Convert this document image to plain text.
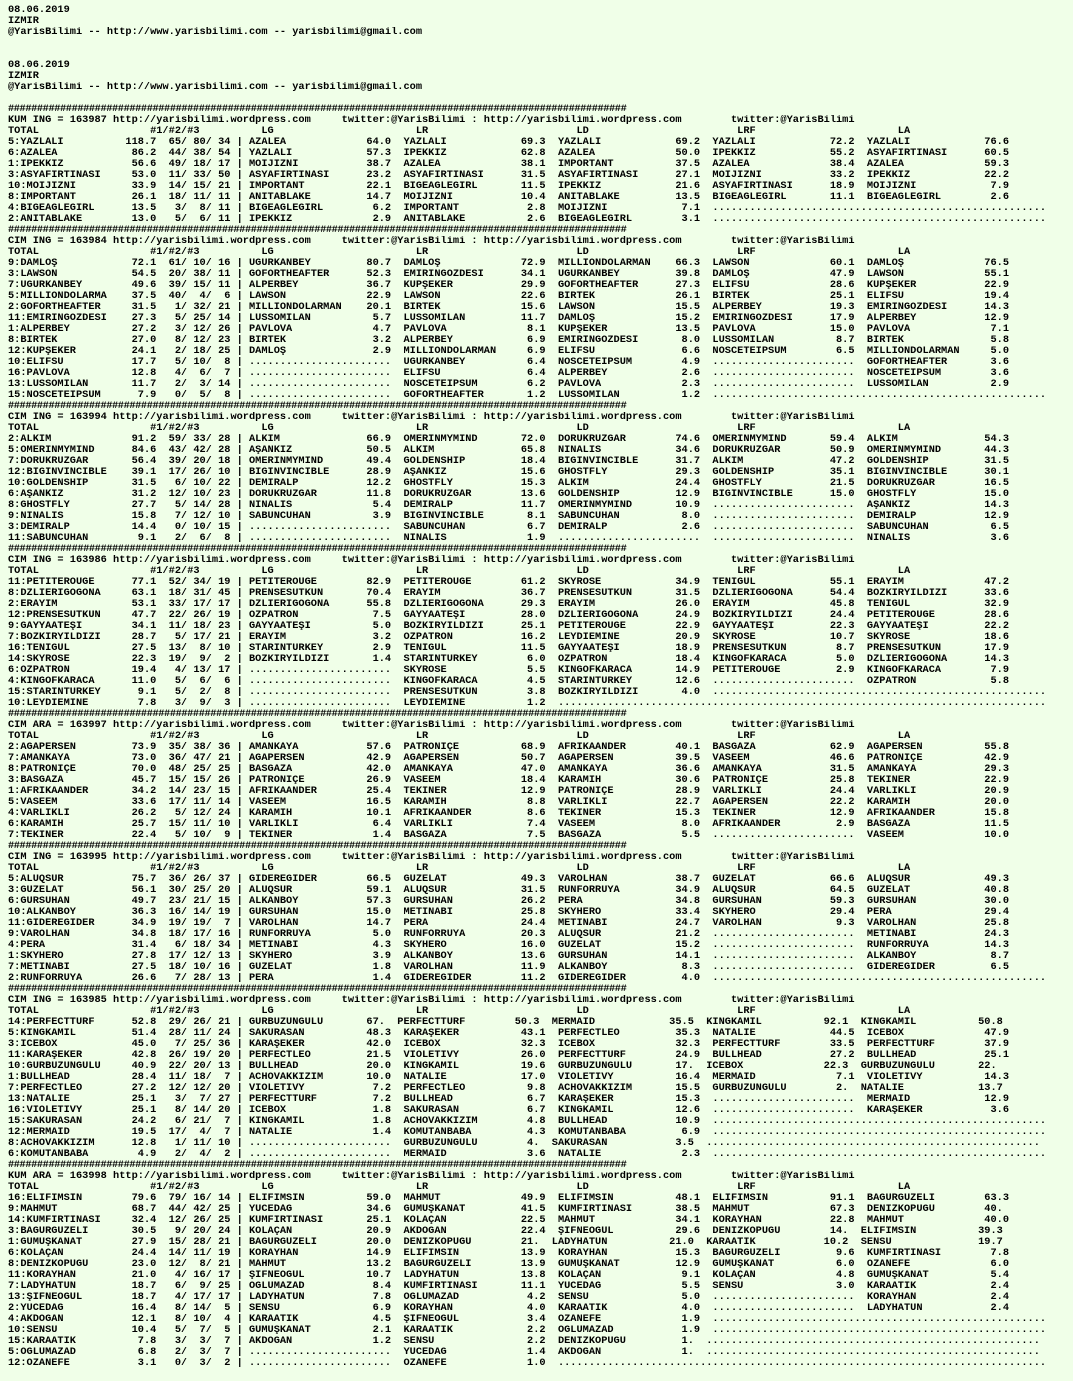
08.06.2019
IZMIR
@YarisBilimi -- http://www.yarisbilimi.com -- yarisbilimi@gmail.com
08.06.2019
IZMIR
@YarisBilimi -- http://www.yarisbilimi.com -- yarisbilimi@gmail.com
###########################################################################################################
KUM ING = 163987 http://yarisbilimi.wordpress.com     twitter:@YarisBilimi : http://yarisbilimi.wordpress.com        twitter:@YarisBilimi
TOTAL                  #1/#2/#3          LG                       LR                        LD                        LRF                       LA
5:YAZLALI          118.7  65/ 80/ 34 | AZALEA             64.0  YAZLALI            69.3  YAZLALI            69.2  YAZLALI            72.2  YAZLALI            76.6
6:AZALEA            86.2  44/ 38/ 54 | YAZLALI            57.3  IPEKKIZ            62.8  AZALEA             50.0  IPEKKIZ            55.2  ASYAFIRTINASI      60.5
1:IPEKKIZ           56.6  49/ 18/ 17 | MOIJIZNI           38.7  AZALEA             38.1  IMPORTANT          37.5  AZALEA             38.4  AZALEA             59.3
3:ASYAFIRTINASI     53.0  11/ 33/ 50 | ASYAFIRTINASI      23.2  ASYAFIRTINASI      31.5  ASYAFIRTINASI      27.1  MOIJIZNI           33.2  IPEKKIZ            22.2
10:MOIJIZNI         33.9  14/ 15/ 21 | IMPORTANT          22.1  BIGEAGLEGIRL       11.5  IPEKKIZ            21.6  ASYAFIRTINASI      18.9  MOIJIZNI            7.9
8:IMPORTANT         26.1  18/ 11/ 11 | ANITABLAKE         14.7  MOIJIZNI           10.4  ANITABLAKE         13.5  BIGEAGLEGIRL       11.1  BIGEAGLEGIRL        2.6
4:BIGEAGLEGIRL      13.5   3/  8/ 11 | BIGEAGLEGIRL        6.2  IMPORTANT           2.8  MOIJIZNI            7.1  ......................................................
2:ANITABLAKE        13.0   5/  6/ 11 | IPEKKIZ             2.9  ANITABLAKE          2.6  BIGEAGLEGIRL        3.1  ......................................................
###########################################################################################################
CIM ING = 163984 http://yarisbilimi.wordpress.com     twitter:@YarisBilimi : http://yarisbilimi.wordpress.com        twitter:@YarisBilimi
TOTAL                  #1/#2/#3          LG                       LR                        LD                        LRF                       LA
9:DAMLOŞ            72.1  61/ 10/ 16 | UGURKANBEY         80.7  DAMLOŞ             72.9  MILLIONDOLARMAN    66.3  LAWSON             60.1  DAMLOŞ             76.5
3:LAWSON            54.5  20/ 38/ 11 | GOFORTHEAFTER      52.3  EMİRİNGÖZDESİ      34.1  UGURKANBEY         39.8  DAMLOŞ             47.9  LAWSON             55.1
7:UGURKANBEY        49.6  39/ 15/ 11 | ALPERBEY           36.7  KUPŞEKER           29.9  GOFORTHEAFTER      27.3  ELİFSU             28.6  KUPŞEKER           22.9
5:MILLIONDOLARMA    37.5  40/  4/  6 | LAWSON             22.9  LAWSON             22.6  BİRTEK             26.1  BİRTEK             25.1  ELİFSU             19.4
2:GOFORTHEAFTER     31.5   1/ 32/ 21 | MILLIONDOLARMAN    20.1  BİRTEK             15.6  LAWSON             15.5  ALPERBEY           19.3  EMİRİNGÖZDESİ      14.3
11:EMİRİNGÖZDESİ    27.3   5/ 25/ 14 | LUSSOMILAN          5.7  LUSSOMILAN         11.7  DAMLOŞ             15.2  EMİRİNGÖZDESİ      17.9  ALPERBEY           12.9
1:ALPERBEY          27.2   3/ 12/ 26 | PAVLOVA             4.7  PAVLOVA             8.1  KUPŞEKER           13.5  PAVLOVA            15.0  PAVLOVA             7.1
8:BİRTEK            27.0   8/ 12/ 23 | BİRTEK              3.2  ALPERBEY            6.9  EMİRİNGÖZDESİ       8.0  LUSSOMILAN          8.7  BİRTEK              5.8
12:KUPŞEKER         24.1   2/ 18/ 25 | DAMLOŞ              2.9  MILLIONDOLARMAN     6.9  ELİFSU              6.6  NOSCETEIPSUM        6.5  MILLIONDOLARMAN     5.0
10:ELİFSU           17.7   5/ 10/  8 | .......................  UGURKANBEY          6.4  NOSCETEIPSUM        4.9  .......................  GOFORTHEAFTER       3.6
16:PAVLOVA          12.8   4/  6/  7 | .......................  ELİFSU              6.4  ALPERBEY            2.6  .......................  NOSCETEIPSUM        3.6
13:LUSSOMILAN       11.7   2/  3/ 14 | .......................  NOSCETEIPSUM        6.2  PAVLOVA             2.3  .......................  LUSSOMILAN          2.9
15:NOSCETEIPSUM      7.9   0/  5/  8 | .......................  GOFORTHEAFTER       1.2  LUSSOMILAN          1.2  ......................................................
###########################################################################################################
CIM ING = 163994 http://yarisbilimi.wordpress.com     twitter:@YarisBilimi : http://yarisbilimi.wordpress.com        twitter:@YarisBilimi
TOTAL                  #1/#2/#3          LG                       LR                        LD                        LRF                       LA
2:ALKIM             91.2  59/ 33/ 28 | ALKIM              66.9  ÖMERINMYMIND       72.0  DORUKRÜZGAR        74.6  ÖMERINMYMIND       59.4  ALKIM              54.3
5:ÖMERINMYMIND      84.6  43/ 42/ 28 | AŞANKIZ            50.5  ALKIM              65.8  NINALIS            34.6  DORUKRÜZGAR        50.9  ÖMERINMYMIND       44.3
7:DORUKRÜZGAR       56.4  39/ 20/ 18 | ÖMERINMYMIND       49.4  GOLDENSHIP         18.4  BIGINVINCIBLE      31.7  ALKIM              47.2  GOLDENSHIP         31.5
12:BIGINVINCIBLE    39.1  17/ 26/ 10 | BIGINVINCIBLE      28.9  AŞANKIZ            15.6  GHOSTFLY           29.3  GOLDENSHIP         35.1  BIGINVINCIBLE      30.1
10:GOLDENSHIP       31.5   6/ 10/ 22 | DEMİRALP           12.2  GHOSTFLY           15.3  ALKIM              24.4  GHOSTFLY           21.5  DORUKRÜZGAR        16.5
6:AŞANKIZ           31.2  12/ 10/ 23 | DORUKRÜZGAR        11.8  DORUKRÜZGAR        13.6  GOLDENSHIP         12.9  BIGINVINCIBLE      15.0  GHOSTFLY           15.0
8:GHOSTFLY          27.7   5/ 14/ 28 | NINALIS             5.4  DEMİRALP           11.7  ÖMERINMYMIND       10.9  .......................  AŞANKIZ            14.3
9:NINALIS           15.8   7/ 12/ 10 | SABUNCUHAN          3.9  BIGINVINCIBLE       8.1  SABUNCUHAN          8.0  .......................  DEMİRALP           12.9
3:DEMİRALP          14.4   0/ 10/ 15 | .......................  SABUNCUHAN          6.7  DEMİRALP            2.6  .......................  SABUNCUHAN          6.5
11:SABUNCUHAN        9.1   2/  6/  8 | .......................  NINALIS             1.9  .......................  .......................  NINALIS             3.6
###########################################################################################################
CIM ING = 163986 http://yarisbilimi.wordpress.com     twitter:@YarisBilimi : http://yarisbilimi.wordpress.com        twitter:@YarisBilimi
TOTAL                  #1/#2/#3          LG                       LR                        LD                        LRF                       LA
11:PETITEROUGE      77.1  52/ 34/ 19 | PETITEROUGE        82.9  PETITEROUGE        61.2  SKYROSE            34.9  TENİGÜL            55.1  ERAYIM             47.2
8:DZLIERIGOGONA     63.1  18/ 31/ 45 | PRENSESUTKUN       70.4  ERAYIM             36.7  PRENSESUTKUN       31.5  DZLIERIGOGONA      54.4  BOZKIRYILDIZI      33.6
2:ERAYIM            53.1  33/ 17/ 17 | DZLIERIGOGONA      55.8  DZLIERIGOGONA      29.3  ERAYIM             26.0  ERAYIM             45.8  TENİGÜL            32.9
12:PRENSESUTKUN     47.7  22/ 26/ 19 | ÖZPATRON            7.5  GAYYAATEŞİ         28.0  DZLIERIGOGONA      24.9  BOZKIRYILDIZI      24.4  PETITEROUGE        28.6
9:GAYYAATEŞİ        34.1  11/ 18/ 23 | GAYYAATEŞİ          5.0  BOZKIRYILDIZI      25.1  PETITEROUGE        22.9  GAYYAATEŞİ         22.3  GAYYAATEŞİ         22.2
7:BOZKIRYILDIZI     28.7   5/ 17/ 21 | ERAYIM              3.2  ÖZPATRON           16.2  LEYDİEMİNE         20.9  SKYROSE            10.7  SKYROSE            18.6
16:TENİGÜL          27.5  13/  8/ 10 | STARINTURKEY        2.9  TENİGÜL            11.5  GAYYAATEŞİ         18.9  PRENSESUTKUN        8.7  PRENSESUTKUN       17.9
14:SKYROSE          22.3  19/  9/  2 | BOZKIRYILDIZI       1.4  STARINTURKEY        6.0  ÖZPATRON           18.4  KINGOFKARACA        5.0  DZLIERIGOGONA      14.3
6:ÖZPATRON          19.4   4/ 13/ 17 | .......................  SKYROSE             5.5  KINGOFKARACA       14.9  PETITEROUGE         2.9  KINGOFKARACA        7.9
4:KINGOFKARACA      11.0   5/  6/  6 | .......................  KINGOFKARACA        4.5  STARINTURKEY       12.6  .......................  ÖZPATRON            5.8
15:STARINTURKEY      9.1   5/  2/  8 | .......................  PRENSESUTKUN        3.8  BOZKIRYILDIZI       4.0  ......................................................
10:LEYDİEMİNE        7.8   3/  9/  3 | .......................  LEYDİEMİNE          1.2  ...............................................................................
###########################################################################################################
CIM ARA = 163997 http://yarisbilimi.wordpress.com     twitter:@YarisBilimi : http://yarisbilimi.wordpress.com        twitter:@YarisBilimi
TOTAL                  #1/#2/#3          LG                       LR                        LD                        LRF                       LA
2:AGAPERSEN         73.9  35/ 38/ 36 | AMANKAYA           57.6  PATRONİÇE          68.9  AFRİKAANDER        40.1  BASGAZA            62.9  AGAPERSEN          55.8
7:AMANKAYA          73.0  36/ 47/ 21 | AGAPERSEN          42.9  AGAPERSEN          50.7  AGAPERSEN          39.5  VASEEM             46.6  PATRONİÇE          42.9
8:PATRONİÇE         70.0  48/ 25/ 25 | BASGAZA            42.0  AMANKAYA           47.0  AMANKAYA           36.6  AMANKAYA           31.5  AMANKAYA           29.3
3:BASGAZA           45.7  15/ 15/ 26 | PATRONİÇE          26.9  VASEEM             18.4  KARAMIH            30.6  PATRONİÇE          25.8  TEKİNER            22.9
1:AFRİKAANDER       34.2  14/ 23/ 15 | AFRİKAANDER        25.4  TEKİNER            12.9  PATRONİÇE          28.9  VARLIKLI           24.4  VARLIKLI           20.9
5:VASEEM            33.6  17/ 11/ 14 | VASEEM             16.5  KARAMIH             8.8  VARLIKLI           22.7  AGAPERSEN          22.2  KARAMIH            20.0
4:VARLIKLI          26.2   5/ 12/ 24 | KARAMIH            10.1  AFRİKAANDER         8.6  TEKİNER            15.3  TEKİNER            12.9  AFRİKAANDER        15.8
6:KARAMIH           25.7  15/ 11/ 10 | VARLIKLI            6.4  VARLIKLI            7.4  VASEEM              8.0  AFRİKAANDER         2.9  BASGAZA            11.5
7:TEKİNER           22.4   5/ 10/  9 | TEKİNER             1.4  BASGAZA             7.5  BASGAZA             5.5  .......................  VASEEM             10.0
###########################################################################################################
CIM ING = 163995 http://yarisbilimi.wordpress.com     twitter:@YarisBilimi : http://yarisbilimi.wordpress.com        twitter:@YarisBilimi
TOTAL                  #1/#2/#3          LG                       LR                        LD                        LRF                       LA
5:ALUQSUR           75.7  36/ 26/ 37 | GİDEREGİDER        66.5  GÜZELAT            49.3  VAROLHAN           38.7  GÜZELAT            66.6  ALUQSUR            49.3
3:GÜZELAT           56.1  30/ 25/ 20 | ALUQSUR            59.1  ALUQSUR            31.5  RUNFORRUYA         34.9  ALUQSUR            64.5  GÜZELAT            40.8
6:GURSUHAN          49.7  23/ 21/ 15 | ALKANBOY           57.3  GURSUHAN           26.2  PERA               34.8  GURSUHAN           59.3  GURSUHAN           30.0
10:ALKANBOY         36.3  16/ 14/ 19 | GURSUHAN           15.0  METİNABİ           25.8  SKYHERO            33.4  SKYHERO            29.4  PERA               29.4
11:GİDEREGİDER      34.9  19/ 19/  7 | VAROLHAN           14.7  PERA               24.4  METİNABİ           24.7  VAROLHAN            9.3  VAROLHAN           25.8
9:VAROLHAN          34.8  18/ 17/ 16 | RUNFORRUYA          5.0  RUNFORRUYA         20.3  ALUQSUR            21.2  .......................  METİNABİ           24.3
4:PERA              31.4   6/ 18/ 34 | METİNABİ            4.3  SKYHERO            16.0  GÜZELAT            15.2  .......................  RUNFORRUYA         14.3
1:SKYHERO           27.8  17/ 12/ 13 | SKYHERO             3.9  ALKANBOY           13.6  GURSUHAN           14.1  .......................  ALKANBOY            8.7
7:METİNABİ          27.5  18/ 10/ 16 | GÜZELAT             1.8  VAROLHAN           11.9  ALKANBOY            8.3  .......................  GİDEREGİDER         6.5
2:RUNFORRUYA        26.6   7/ 28/ 13 | PERA                1.4  GİDEREGİDER        11.2  GİDEREGİDER         4.0  ......................................................
###########################################################################################################
CIM ING = 163985 http://yarisbilimi.wordpress.com     twitter:@YarisBilimi : http://yarisbilimi.wordpress.com        twitter:@YarisBilimi
TOTAL                  #1/#2/#3          LG                       LR                        LD                        LRF                       LA
14:PERFECTTURF      52.8  29/ 26/ 21 | GURBÜZÜNGÜLÜ       67.  PERFECTTURF        50.3  MERMAID            35.5  KINGKAMİL          92.1  KINGKAMİL          50.8
5:KINGKAMİL         51.4  28/ 11/ 24 | SAKURASAN          48.3  KARAŞEKER          43.1  PERFECTLEO         35.3  NATALIE            44.5  ICEBOX             47.9
3:ICEBOX            45.0   7/ 25/ 36 | KARAŞEKER          42.0  ICEBOX             32.3  ICEBOX             32.3  PERFECTTURF        33.5  PERFECTTURF        37.9
11:KARAŞEKER        42.8  26/ 19/ 20 | PERFECTLEO         21.5  VIOLETIVY          26.0  PERFECTTURF        24.9  BULLHEAD           27.2  BULLHEAD           25.1
10:GURBÜZÜNGÜLÜ     40.9  22/ 20/ 13 | BULLHEAD           20.0  KINGKAMİL          19.6  GURBÜZÜNGÜLÜ       17.  ICEBOX             22.3  GURBÜZÜNGÜLÜ       22.
1:BULLHEAD          28.4  11/ 18/  7 | ACHOVAKKIZIM       10.0  NATALIE            17.0  VIOLETIVY          16.4  MERMAID             7.1  VIOLETIVY          14.3
7:PERFECTLEO        27.2  12/ 12/ 20 | VIOLETIVY           7.2  PERFECTLEO          9.8  ACHOVAKKIZIM       15.5  GURBÜZÜNGÜLÜ        2.  NATALIE            13.7
13:NATALIE          25.1   3/  7/ 27 | PERFECTTURF         7.2  BULLHEAD            6.7  KARAŞEKER          15.3  .......................  MERMAID            12.9
16:VIOLETIVY        25.1   8/ 14/ 20 | ICEBOX              1.8  SAKURASAN           6.7  KINGKAMİL          12.6  .......................  KARAŞEKER           3.6
15:SAKURASAN        24.2   6/ 21/  7 | KINGKAMİL           1.8  ACHOVAKKIZIM        4.8  BULLHEAD           10.9  ......................................................
12:MERMAID          19.5  17/  4/  7 | NATALIE             1.4  KOMUTANBABA         4.3  KOMUTANBABA         6.9  ......................................................
8:ACHOVAKKIZIM      12.8   1/ 11/ 10 | .......................  GURBÜZÜNGÜLÜ        4.  SAKURASAN           3.5  ......................................................
6:KOMUTANBABA        4.9   2/  4/  2 | .......................  MERMAID             3.6  NATALIE             2.3  ......................................................
###########################################################################################################
KUM ARA = 163998 http://yarisbilimi.wordpress.com     twitter:@YarisBilimi : http://yarisbilimi.wordpress.com        twitter:@YarisBilimi
TOTAL                  #1/#2/#3          LG                       LR                        LD                        LRF                       LA
16:ELİFİMSİN        79.6  79/ 16/ 14 | ELİFİMSİN          59.0  MAHMUT             49.9  ELİFİMSİN          48.1  ELİFİMSİN          91.1  BAGURGÜZELİ        63.3
9:MAHMUT            68.7  44/ 42/ 25 | YÜCEDAG            34.6  GUMUŞKANAT         41.5  KUMFIRTINASI       38.5  MAHMUT             67.3  DENİZKÖPÜGÜ        40.
14:KUMFIRTINASI     32.4  12/ 26/ 25 | KUMFIRTINASI       25.1  KOLAÇAN            22.5  MAHMUT             34.1  KORAYHAN           22.8  MAHMUT             40.0
3:BAGURGÜZELİ       30.5   9/ 20/ 24 | KOLAÇAN            20.9  AKDOGAN            22.4  ŞİFNEOĞUL          29.6  DENİZKÖPÜGÜ        14.  ELİFİMSİN          39.3
1:GUMUŞKANAT        27.9  15/ 28/ 21 | BAGURGÜZELİ        20.0  DENİZKÖPÜGÜ        21.  LADYHATUN          21.0  KARAATİK           10.2  SENSU              19.7
6:KOLAÇAN           24.4  14/ 11/ 19 | KORAYHAN           14.9  ELİFİMSİN          13.9  KORAYHAN           15.3  BAGURGÜZELİ         9.6  KUMFIRTINASI        7.8
8:DENİZKÖPÜGÜ       23.0  12/  8/ 21 | MAHMUT             13.2  BAGURGÜZELİ        13.9  GUMUŞKANAT         12.9  GUMUŞKANAT          6.0  OZANEFE             6.0
11:KORAYHAN         21.0   4/ 16/ 17 | ŞİFNEOĞUL          10.7  LADYHATUN          13.8  KOLAÇAN             9.1  KOLAÇAN             4.8  GUMUŞKANAT          5.4
7:LADYHATUN         18.7   6/  9/ 25 | OĞLUMAZAD           8.4  KUMFIRTINASI       11.1  YÜCEDAG             5.5  SENSU               3.0  KARAATİK            2.4
13:ŞİFNEOĞUL        18.7   4/ 17/ 17 | LADYHATUN           7.8  OĞLUMAZAD           4.2  SENSU               5.0  .......................  KORAYHAN            2.4
2:YÜCEDAG           16.4   8/ 14/  5 | SENSU               6.9  KORAYHAN            4.0  KARAATİK            4.0  .......................  LADYHATUN           2.4
4:AKDOGAN           12.1   8/ 10/  4 | KARAATİK            4.5  ŞİFNEOĞUL           3.4  OZANEFE             1.9  ......................................................
10:SENSU            10.4   5/  7/  5 | GUMUŞKANAT          2.1  KARAATİK            2.2  OĞLUMAZAD           1.9  ......................................................
15:KARAATİK          7.8   3/  3/  7 | AKDOGAN             1.2  SENSU               2.2  DENİZKÖPÜGÜ         1.  ......................................................
5:OĞLUMAZAD          6.8   2/  3/  7 | .......................  YÜCEDAG             1.4  AKDOGAN             1.  ......................................................
12:OZANEFE           3.1   0/  3/  2 | .......................  OZANEFE             1.0  ...............................................................................
